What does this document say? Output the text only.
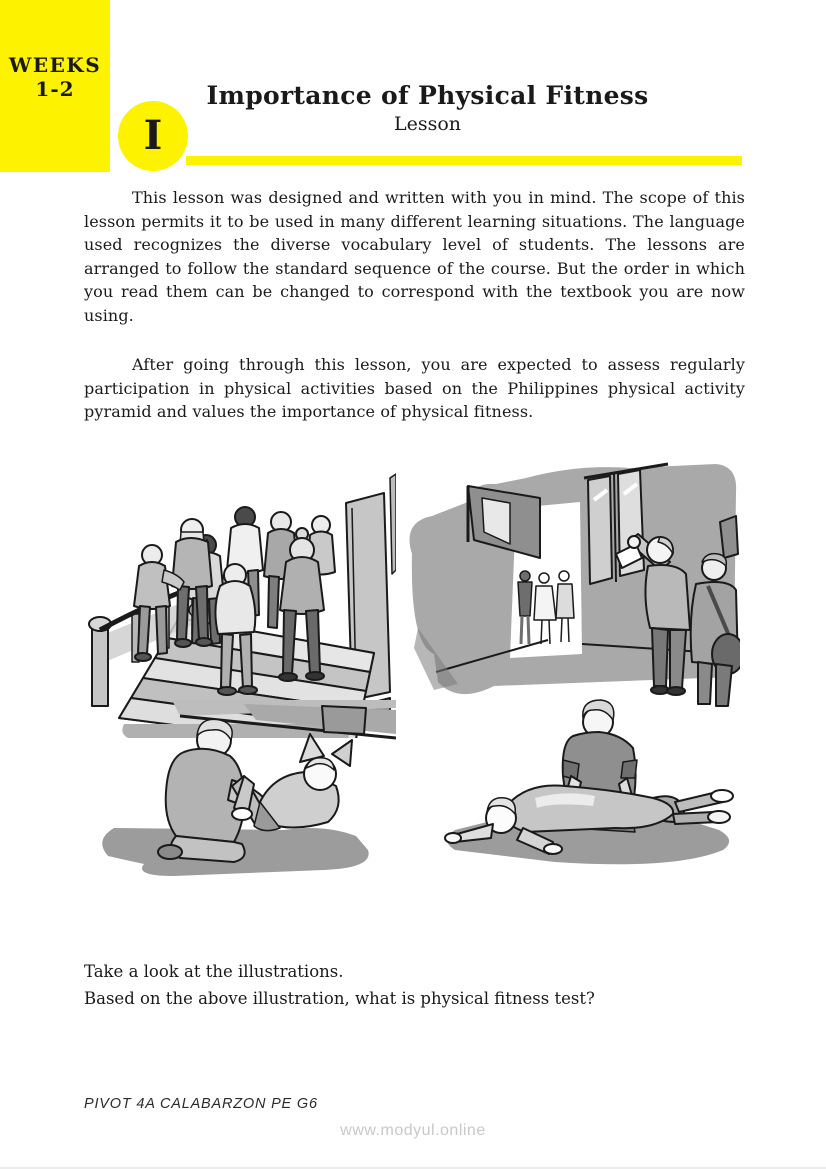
WEEKS
1-2	Importance of Physical Fitness
Lesson
I

This lesson was designed and written with you in mind. The scope of this lesson permits it to be used in many different learning situations. The language used recognizes the diverse vocabulary level of students. The lessons are arranged to follow the standard sequence of the course. But the order in which you read them can be changed to correspond with the textbook you are now using.

After going through this lesson, you are expected to assess regularly participation in physical activities based on the Philippines physical activity pyramid and values the importance of physical fitness.

Take a look at the illustrations.
Based on the above illustration, what is physical fitness test?
PIVOT 4A CALABARZON PE G6
www.modyul.online
